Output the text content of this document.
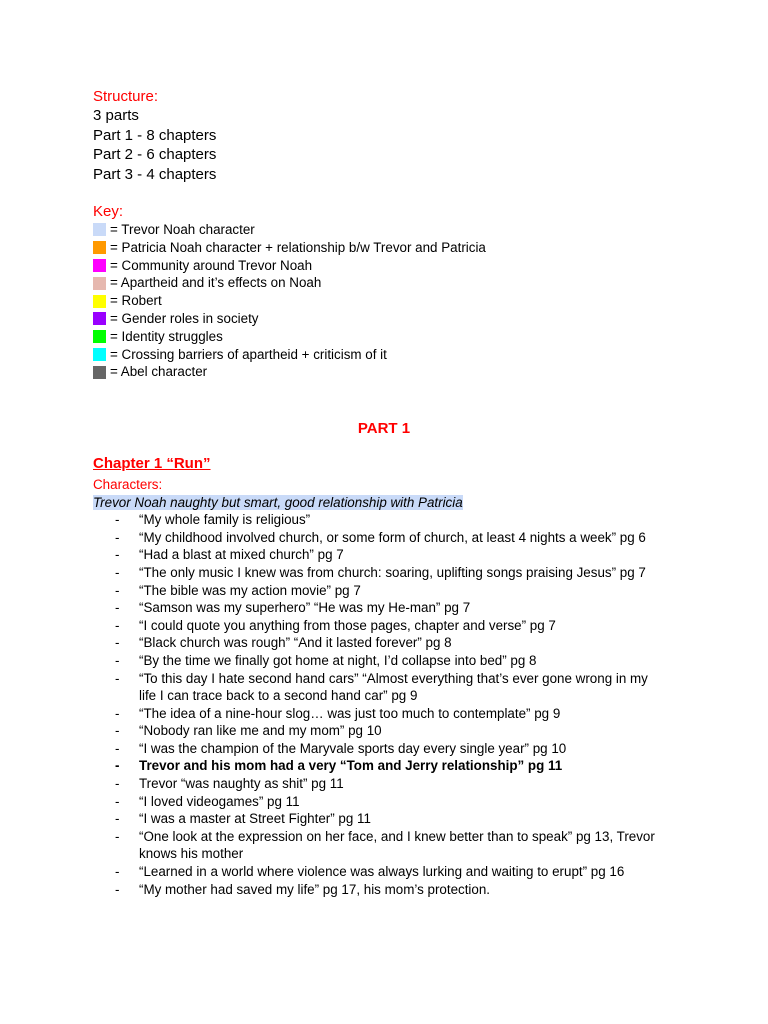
Structure:
3 parts
Part 1 - 8 chapters
Part 2 - 6 chapters
Part 3 - 4 chapters
Key:
= Trevor Noah character
= Patricia Noah character + relationship b/w Trevor and Patricia
= Community around Trevor Noah
= Apartheid and it’s effects on Noah
= Robert
= Gender roles in society
= Identity struggles
= Crossing barriers of apartheid + criticism of it
= Abel character
PART 1
Chapter 1 “Run”
Characters:
Trevor Noah naughty but smart, good relationship with Patricia
- “My whole family is religious”
- “My childhood involved church, or some form of church, at least 4 nights a week” pg 6
- “Had a blast at mixed church” pg 7
- “The only music I knew was from church: soaring, uplifting songs praising Jesus” pg 7
- “The bible was my action movie” pg 7
- “Samson was my superhero” “He was my He-man” pg 7
- “I could quote you anything from those pages, chapter and verse” pg 7
- “Black church was rough” “And it lasted forever” pg 8
- “By the time we finally got home at night, I’d collapse into bed” pg 8
- “To this day I hate second hand cars” “Almost everything that’s ever gone wrong in my life I can trace back to a second hand car” pg 9
- “The idea of a nine-hour slog… was just too much to contemplate” pg 9
- “Nobody ran like me and my mom” pg 10
- “I was the champion of the Maryvale sports day every single year” pg 10
- Trevor and his mom had a very “Tom and Jerry relationship” pg 11
- Trevor “was naughty as shit” pg 11
- “I loved videogames” pg 11
- “I was a master at Street Fighter” pg 11
- “One look at the expression on her face, and I knew better than to speak” pg 13, Trevor knows his mother
- “Learned in a world where violence was always lurking and waiting to erupt” pg 16
- “My mother had saved my life” pg 17, his mom’s protection.
